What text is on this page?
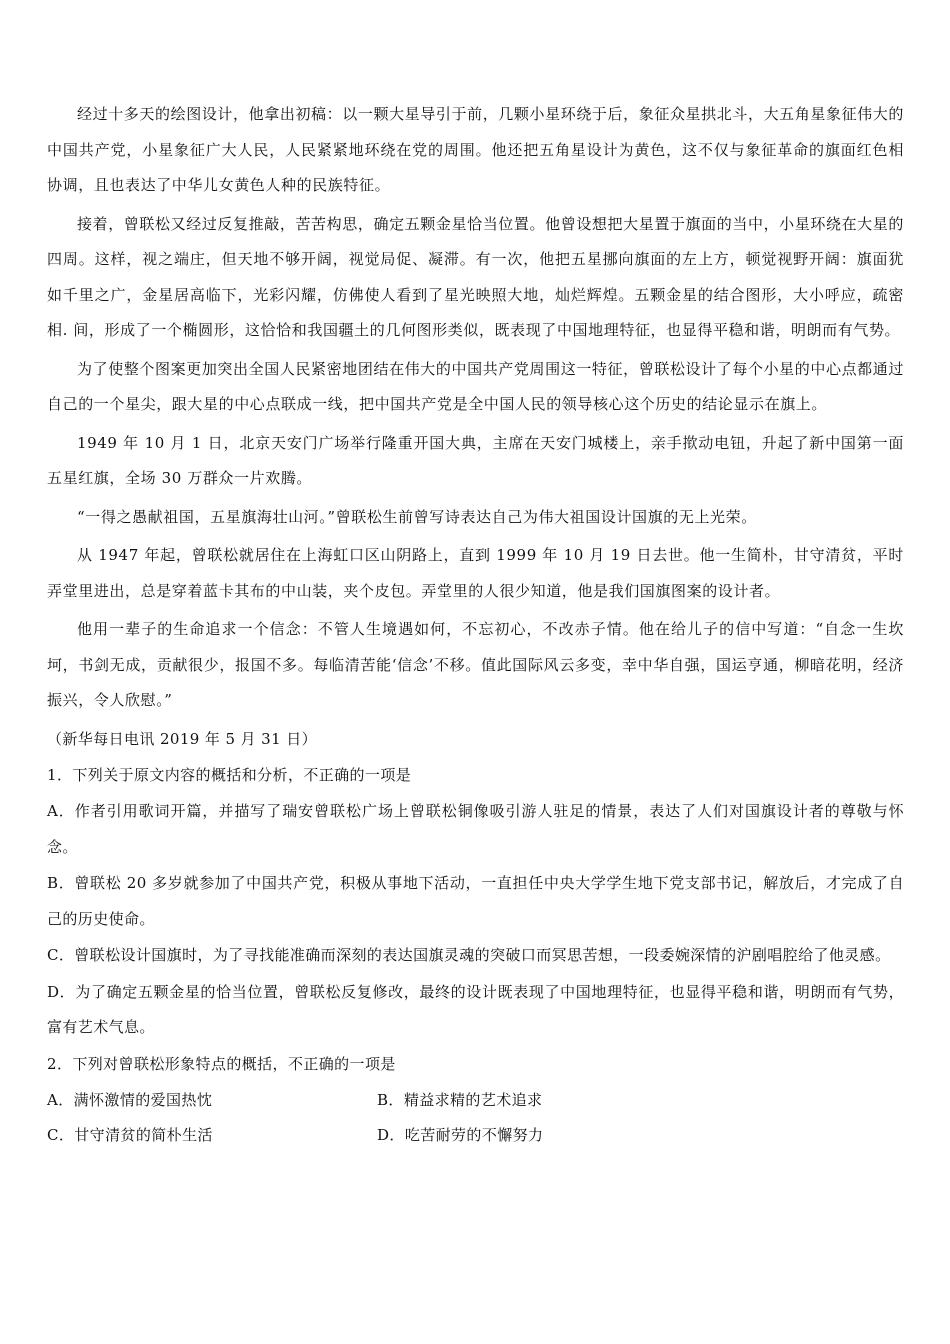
经过十多天的绘图设计，他拿出初稿：以一颗大星导引于前，几颗小星环绕于后，象征众星拱北斗，大五角星象征伟大的中国共产党，小星象征广大人民，人民紧紧地环绕在党的周围。他还把五角星设计为黄色，这不仅与象征革命的旗面红色相协调，且也表达了中华儿女黄色人种的民族特征。

接着，曾联松又经过反复推敲，苦苦构思，确定五颗金星恰当位置。他曾设想把大星置于旗面的当中，小星环绕在大星的四周。这样，视之端庄，但天地不够开阔，视觉局促、凝滞。有一次，他把五星挪向旗面的左上方，顿觉视野开阔：旗面犹如千里之广，金星居高临下，光彩闪耀，仿佛使人看到了星光映照大地，灿烂辉煌。五颗金星的结合图形，大小呼应，疏密相. 间，形成了一个椭圆形，这恰恰和我国疆土的几何图形类似，既表现了中国地理特征，也显得平稳和谐，明朗而有气势。

为了使整个图案更加突出全国人民紧密地团结在伟大的中国共产党周围这一特征，曾联松设计了每个小星的中心点都通过自己的一个星尖，跟大星的中心点联成一线，把中国共产党是全中国人民的领导核心这个历史的结论显示在旗上。

1949 年 10 月 1 日，北京天安门广场举行隆重开国大典，主席在天安门城楼上，亲手揿动电钮，升起了新中国第一面五星红旗，全场 30 万群众一片欢腾。

“一得之愚献祖国，五星旗海壮山河。”曾联松生前曾写诗表达自己为伟大祖国设计国旗的无上光荣。

从 1947 年起，曾联松就居住在上海虹口区山阴路上，直到 1999 年 10 月 19 日去世。他一生简朴，甘守清贫，平时弄堂里进出，总是穿着蓝卡其布的中山装，夹个皮包。弄堂里的人很少知道，他是我们国旗图案的设计者。

他用一辈子的生命追求一个信念：不管人生境遇如何，不忘初心，不改赤子情。他在给儿子的信中写道：“自念一生坎坷，书剑无成，贡献很少，报国不多。每临清苦能‘信念’不移。值此国际风云多变，幸中华自强，国运亨通，柳暗花明，经济振兴，令人欣慰。”

（新华每日电讯 2019 年 5 月 31 日）

1．下列关于原文内容的概括和分析，不正确的一项是

A．作者引用歌词开篇，并描写了瑞安曾联松广场上曾联松铜像吸引游人驻足的情景，表达了人们对国旗设计者的尊敬与怀念。

B．曾联松 20 多岁就参加了中国共产党，积极从事地下活动，一直担任中央大学学生地下党支部书记，解放后，才完成了自己的历史使命。

C．曾联松设计国旗时，为了寻找能准确而深刻的表达国旗灵魂的突破口而冥思苦想，一段委婉深情的沪剧唱腔给了他灵感。

D．为了确定五颗金星的恰当位置，曾联松反复修改，最终的设计既表现了中国地理特征，也显得平稳和谐，明朗而有气势，富有艺术气息。

2．下列对曾联松形象特点的概括，不正确的一项是

A．满怀激情的爱国热忱	B．精益求精的艺术追求
C．甘守清贫的简朴生活	D．吃苦耐劳的不懈努力
